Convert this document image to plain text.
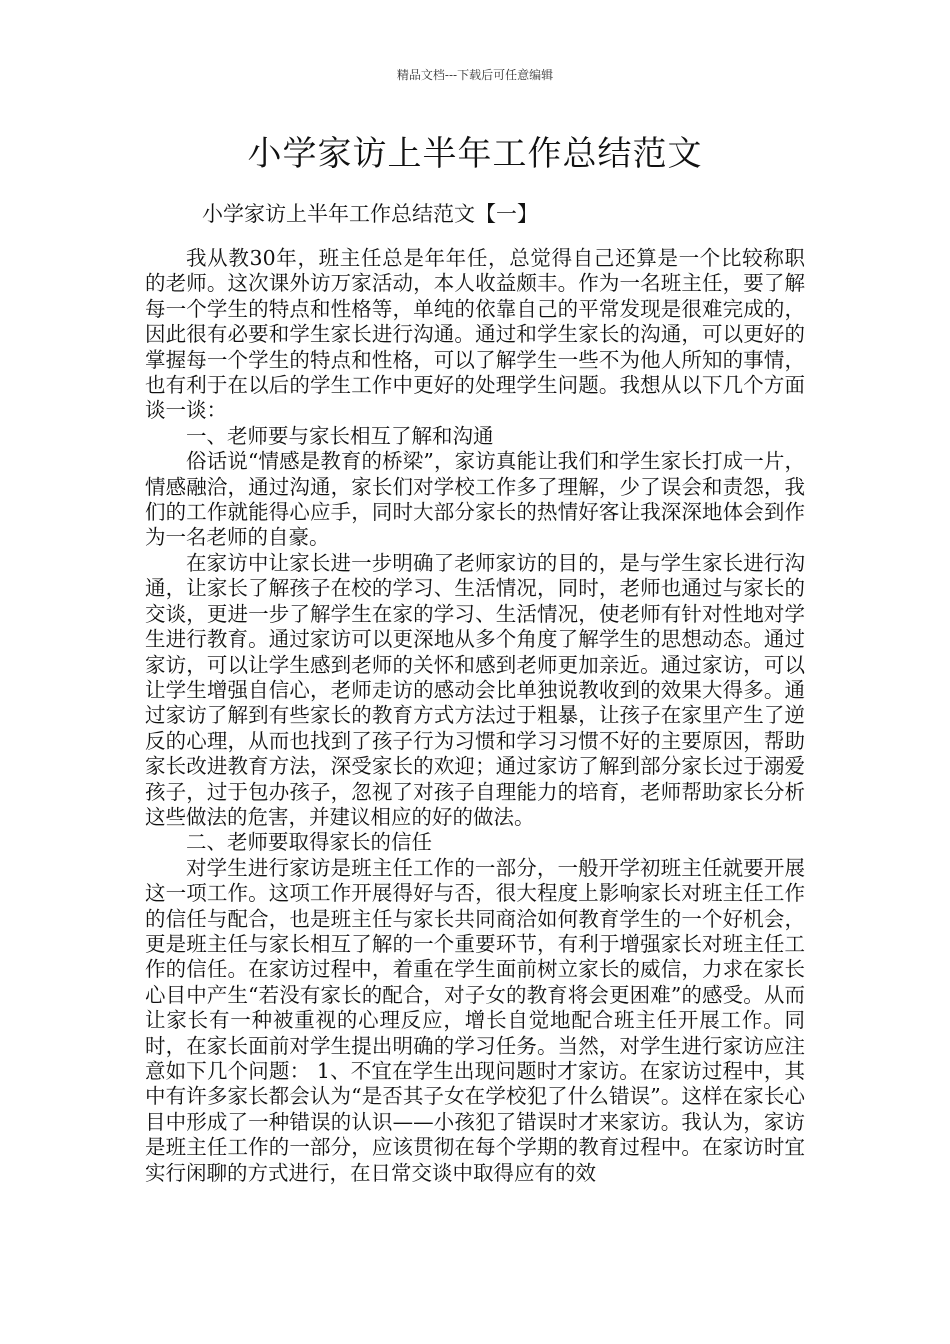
精品文档---下载后可任意编辑
小学家访上半年工作总结范文

小学家访上半年工作总结范文【一】

我从教30年，班主任总是年年任，总觉得自己还算是一个比较称职的老师。这次课外访万家活动，本人收益颇丰。作为一名班主任，要了解每一个学生的特点和性格等，单纯的依靠自己的平常发现是很难完成的，因此很有必要和学生家长进行沟通。通过和学生家长的沟通，可以更好的掌握每一个学生的特点和性格，可以了解学生一些不为他人所知的事情，也有利于在以后的学生工作中更好的处理学生问题。我想从以下几个方面谈一谈：

一、老师要与家长相互了解和沟通

俗话说“情感是教育的桥梁”，家访真能让我们和学生家长打成一片，情感融洽，通过沟通，家长们对学校工作多了理解，少了误会和责怨，我们的工作就能得心应手，同时大部分家长的热情好客让我深深地体会到作为一名老师的自豪。

在家访中让家长进一步明确了老师家访的目的，是与学生家长进行沟通，让家长了解孩子在校的学习、生活情况，同时，老师也通过与家长的交谈，更进一步了解学生在家的学习、生活情况，使老师有针对性地对学生进行教育。通过家访可以更深地从多个角度了解学生的思想动态。通过家访，可以让学生感到老师的关怀和感到老师更加亲近。通过家访，可以让学生增强自信心，老师走访的感动会比单独说教收到的效果大得多。通过家访了解到有些家长的教育方式方法过于粗暴，让孩子在家里产生了逆反的心理，从而也找到了孩子行为习惯和学习习惯不好的主要原因，帮助家长改进教育方法，深受家长的欢迎；通过家访了解到部分家长过于溺爱孩子，过于包办孩子，忽视了对孩子自理能力的培育，老师帮助家长分析这些做法的危害，并建议相应的好的做法。

二、老师要取得家长的信任

对学生进行家访是班主任工作的一部分，一般开学初班主任就要开展这一项工作。这项工作开展得好与否，很大程度上影响家长对班主任工作的信任与配合，也是班主任与家长共同商洽如何教育学生的一个好机会，更是班主任与家长相互了解的一个重要环节，有利于增强家长对班主任工作的信任。在家访过程中，着重在学生面前树立家长的威信，力求在家长心目中产生“若没有家长的配合，对子女的教育将会更困难”的感受。从而让家长有一种被重视的心理反应，增长自觉地配合班主任开展工作。同时，在家长面前对学生提出明确的学习任务。当然，对学生进行家访应注意如下几个问题： 1、不宜在学生出现问题时才家访。在家访过程中，其中有许多家长都会认为“是否其子女在学校犯了什么错误”。这样在家长心目中形成了一种错误的认识——小孩犯了错误时才来家访。我认为，家访是班主任工作的一部分，应该贯彻在每个学期的教育过程中。在家访时宜实行闲聊的方式进行，在日常交谈中取得应有的效
